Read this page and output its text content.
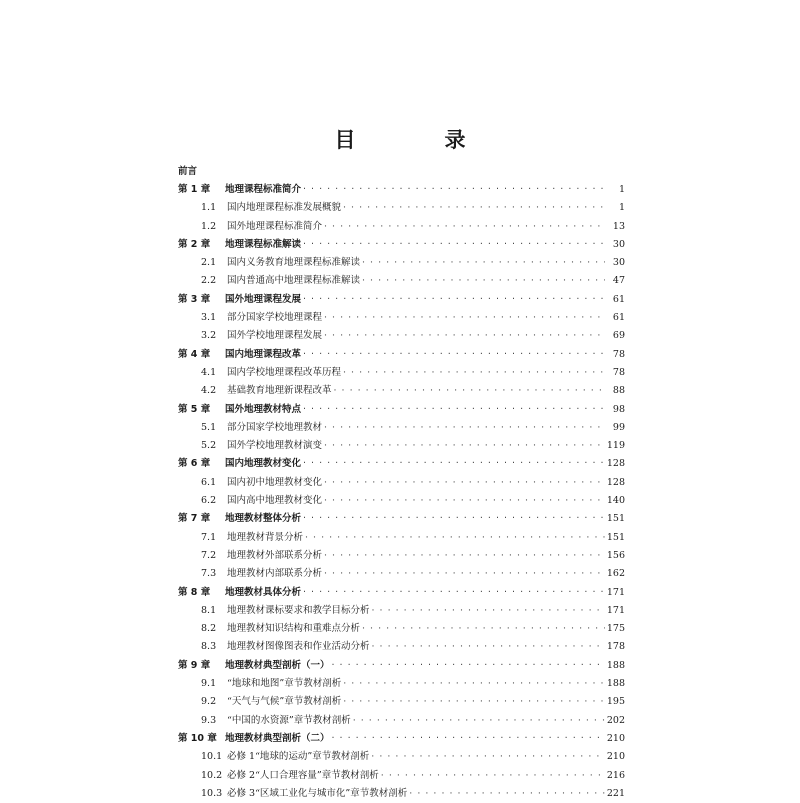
目　录
前言
第 1 章	地理课程标准简介 · · ·	1
1.1	国内地理课程标准发展概貌 · · ·	1
1.2	国外地理课程标准简介 · · ·	13
第 2 章	地理课程标准解读 · · ·	30
2.1	国内义务教育地理课程标准解读 · · ·	30
2.2	国内普通高中地理课程标准解读 · · ·	47
第 3 章	国外地理课程发展 · · ·	61
3.1	部分国家学校地理课程 · · ·	61
3.2	国外学校地理课程发展 · · ·	69
第 4 章	国内地理课程改革 · · ·	78
4.1	国内学校地理课程改革历程 · · ·	78
4.2	基础教育地理新课程改革 · · ·	88
第 5 章	国外地理教材特点 · · ·	98
5.1	部分国家学校地理教材 · · ·	99
5.2	国外学校地理教材演变 · · ·	119
第 6 章	国内地理教材变化 · · ·	128
6.1	国内初中地理教材变化 · · ·	128
6.2	国内高中地理教材变化 · · ·	140
第 7 章	地理教材整体分析 · · ·	151
7.1	地理教材背景分析 · · ·	151
7.2	地理教材外部联系分析 · · ·	156
7.3	地理教材内部联系分析 · · ·	162
第 8 章	地理教材具体分析 · · ·	171
8.1	地理教材课标要求和教学目标分析 · · ·	171
8.2	地理教材知识结构和重难点分析 · · ·	175
8.3	地理教材图像图表和作业活动分析 · · ·	178
第 9 章	地理教材典型剖析（一） · · ·	188
9.1	“地球和地图”章节教材剖析 · · ·	188
9.2	“天气与气候”章节教材剖析 · · ·	195
9.3	“中国的水资源”章节教材剖析 · · ·	202
第 10 章 地理教材典型剖析（二） · · ·	210
10.1 必修 1“地球的运动”章节教材剖析 · · ·	210
10.2 必修 2“人口合理容量”章节教材剖析 · · ·	216
10.3 必修 3“区域工业化与城市化”章节教材剖析 · · ·	221
